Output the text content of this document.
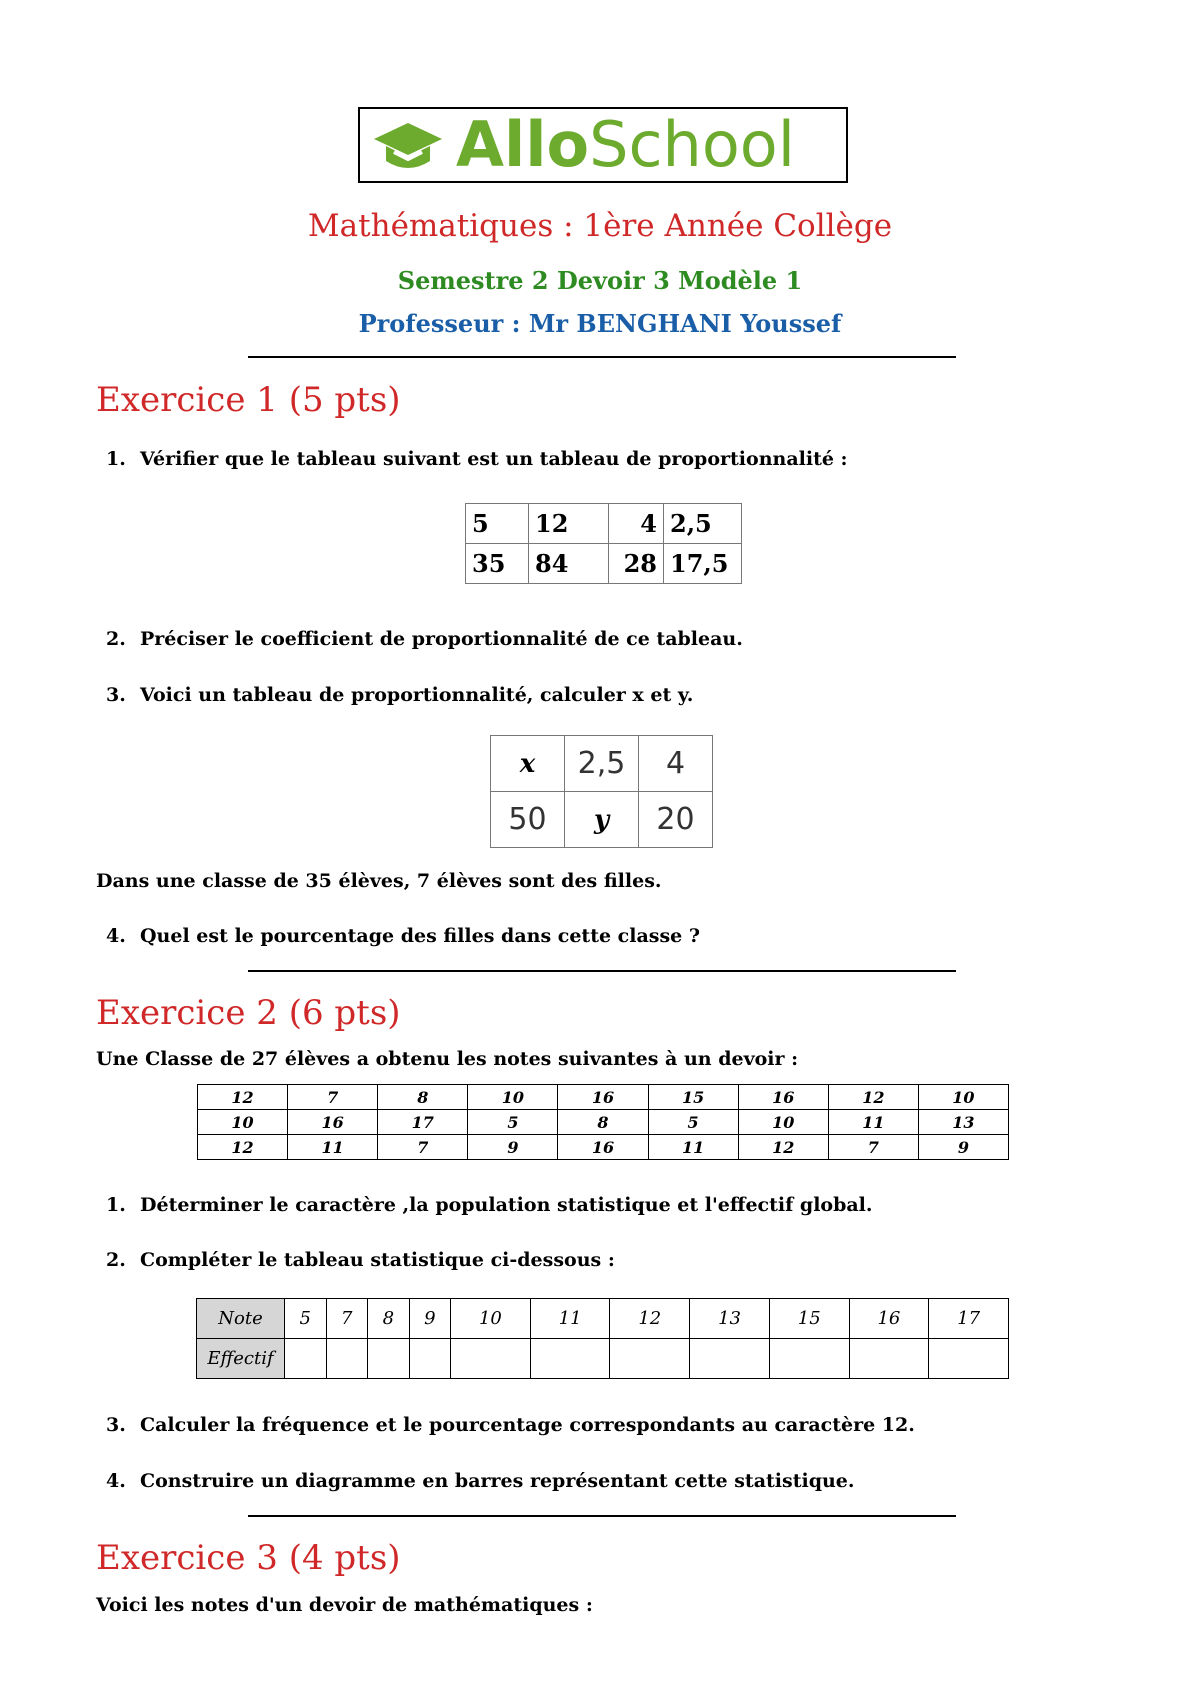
AlloSchool
Mathématiques : 1ère Année Collège
Semestre 2 Devoir 3 Modèle 1
Professeur : Mr BENGHANI Youssef
Exercice 1 (5 pts)
1. Vérifier que le tableau suivant est un tableau de proportionnalité :
5	12	4	2,5
35	84	28	17,5
2. Préciser le coefficient de proportionnalité de ce tableau.
3. Voici un tableau de proportionnalité, calculer x et y.
x	2,5	4
50	y	20
Dans une classe de 35 élèves, 7 élèves sont des filles.
4. Quel est le pourcentage des filles dans cette classe ?
Exercice 2 (6 pts)
Une Classe de 27 élèves a obtenu les notes suivantes à un devoir :
12	7	8	10	16	15	16	12	10
10	16	17	5	8	5	10	11	13
12	11	7	9	16	11	12	7	9
1. Déterminer le caractère ,la population statistique et l'effectif global.
2. Compléter le tableau statistique ci-dessous :
Note	5	7	8	9	10	11	12	13	15	16	17
Effectif											
3. Calculer la fréquence et le pourcentage correspondants au caractère 12.
4. Construire un diagramme en barres représentant cette statistique.
Exercice 3 (4 pts)
Voici les notes d'un devoir de mathématiques :
